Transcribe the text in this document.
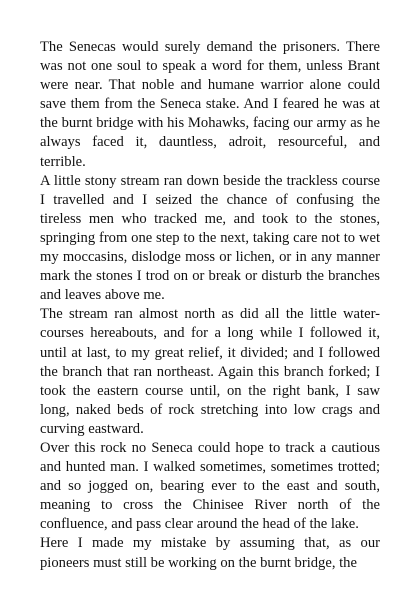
The Senecas would surely demand the prisoners. There was not one soul to speak a word for them, unless Brant were near. That noble and humane warrior alone could save them from the Seneca stake. And I feared he was at the burnt bridge with his Mohawks, facing our army as he always faced it, dauntless, adroit, resourceful, and terrible.

A little stony stream ran down beside the trackless course I travelled and I seized the chance of confusing the tireless men who tracked me, and took to the stones, springing from one step to the next, taking care not to wet my moccasins, dislodge moss or lichen, or in any manner mark the stones I trod on or break or disturb the branches and leaves above me.

The stream ran almost north as did all the little water-courses hereabouts, and for a long while I followed it, until at last, to my great relief, it divided; and I followed the branch that ran northeast. Again this branch forked; I took the eastern course until, on the right bank, I saw long, naked beds of rock stretching into low crags and curving eastward.

Over this rock no Seneca could hope to track a cautious and hunted man. I walked sometimes, sometimes trotted; and so jogged on, bearing ever to the east and south, meaning to cross the Chinisee River north of the confluence, and pass clear around the head of the lake.

Here I made my mistake by assuming that, as our pioneers must still be working on the burnt bridge, the
